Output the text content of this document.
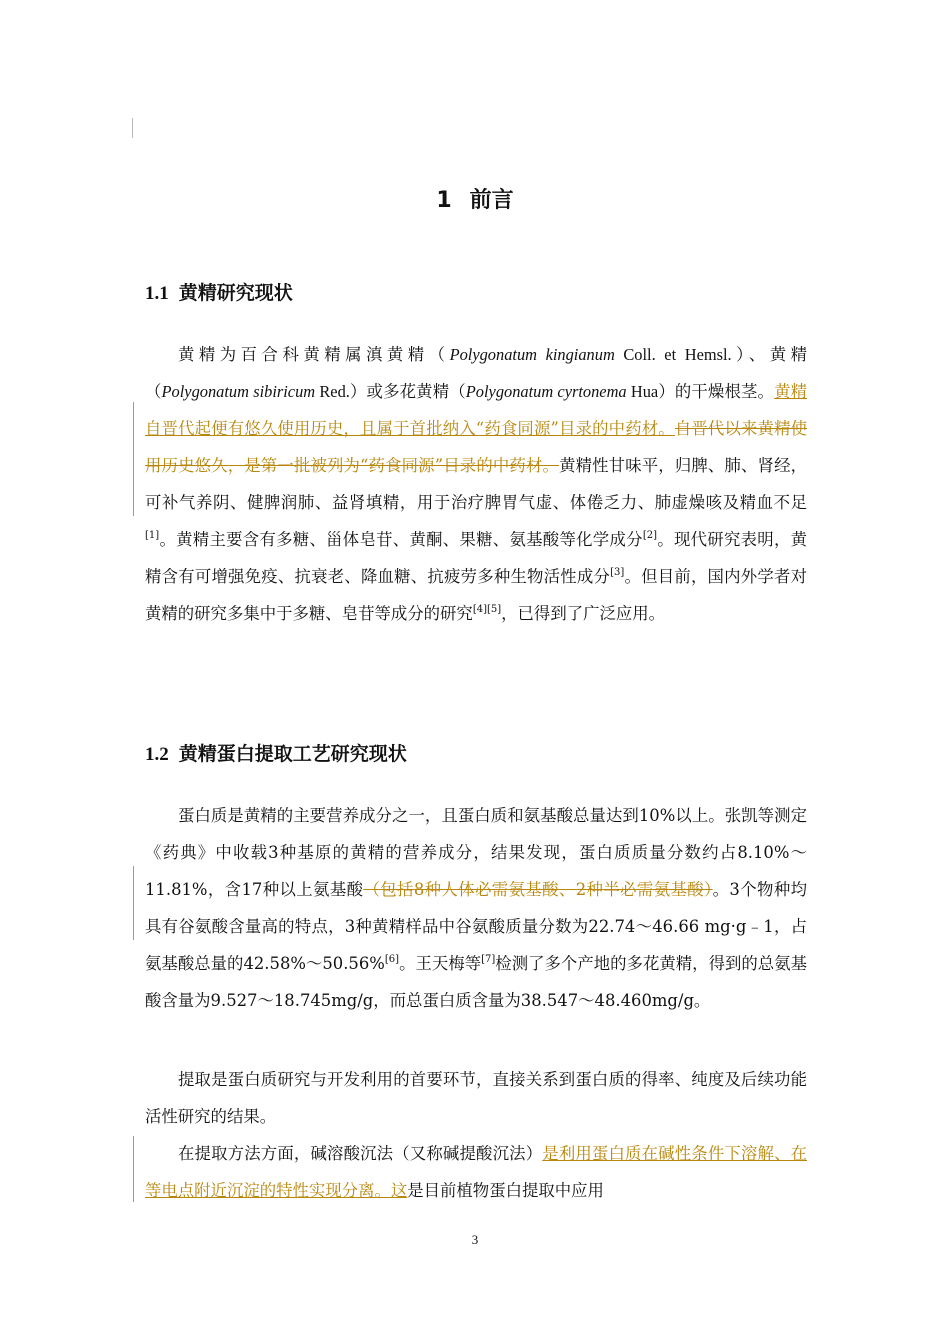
1 前言
1.1 黄精研究现状

黄精为百合科黄精属滇黄精（Polygonatum kingianum Coll. et Hemsl.）、黄精（Polygonatum sibiricum Red.）或多花黄精（Polygonatum cyrtonema Hua）的干燥根茎。黄精自晋代起便有悠久使用历史，且属于首批纳入“药食同源”目录的中药材。自晋代以来黄精使用历史悠久，是第一批被列为“药食同源”目录的中药材。黄精性甘味平，归脾、肺、肾经，可补气养阴、健脾润肺、益肾填精，用于治疗脾胃气虚、体倦乏力、肺虚燥咳及精血不足[1]。黄精主要含有多糖、甾体皂苷、黄酮、果糖、氨基酸等化学成分[2]。现代研究表明，黄精含有可增强免疫、抗衰老、降血糖、抗疲劳多种生物活性成分[3]。但目前，国内外学者对黄精的研究多集中于多糖、皂苷等成分的研究[4][5]，已得到了广泛应用。

1.2 黄精蛋白提取工艺研究现状

蛋白质是黄精的主要营养成分之一，且蛋白质和氨基酸总量达到10%以上。张凯等测定《药典》中收载3种基原的黄精的营养成分，结果发现，蛋白质质量分数约占8.10%～11.81%，含17种以上氨基酸（包括8种人体必需氨基酸、2种半必需氨基酸）。3个物种均具有谷氨酸含量高的特点，3种黄精样品中谷氨酸质量分数为22.74～46.66 mg·g﹣1，占氨基酸总量的42.58%～50.56%[6]。王天梅等[7]检测了多个产地的多花黄精，得到的总氨基酸含量为9.527～18.745mg/g，而总蛋白质含量为38.547～48.460mg/g。

提取是蛋白质研究与开发利用的首要环节，直接关系到蛋白质的得率、纯度及后续功能活性研究的结果。

在提取方法方面，碱溶酸沉法（又称碱提酸沉法）是利用蛋白质在碱性条件下溶解、在等电点附近沉淀的特性实现分离。这是目前植物蛋白提取中应用

3
